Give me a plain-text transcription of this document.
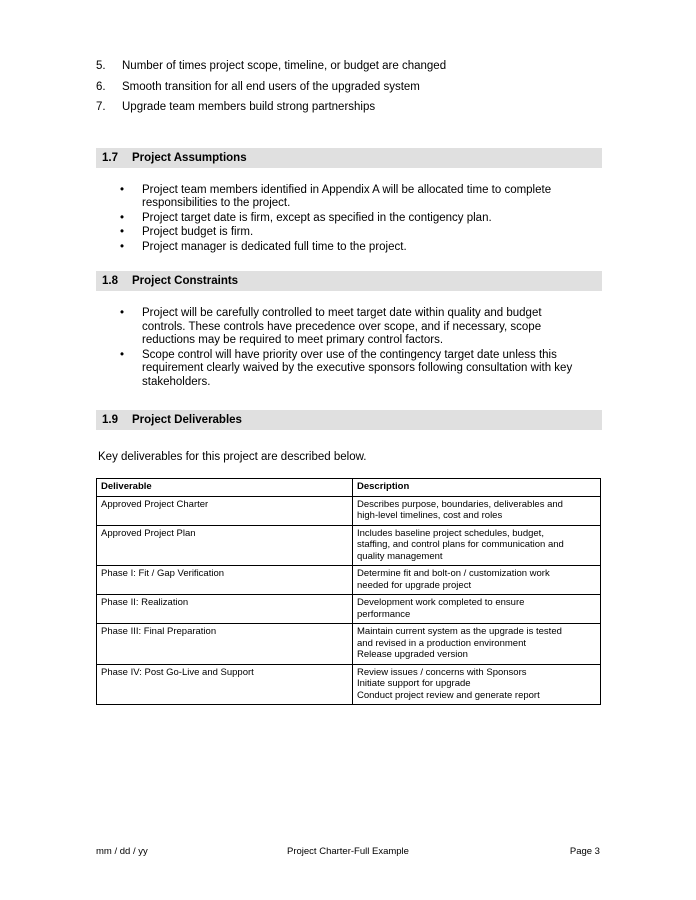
5.	Number of times project scope, timeline, or budget are changed
6.	Smooth transition for all end users of the upgraded system
7.	Upgrade team members build strong partnerships
1.7 Project Assumptions
•	Project team members identified in Appendix A will be allocated time to complete responsibilities to the project.
•	Project target date is firm, except as specified in the contigency plan.
•	Project budget is firm.
•	Project manager is dedicated full time to the project.
1.8 Project Constraints
•	Project will be carefully controlled to meet target date within quality and budget controls. These controls have precedence over scope, and if necessary, scope reductions may be required to meet primary control factors.
•	Scope control will have priority over use of the contingency target date unless this requirement clearly waived by the executive sponsors following consultation with key stakeholders.
1.9 Project Deliverables
Key deliverables for this project are described below.
Deliverable	Description
Approved Project Charter	Describes purpose, boundaries, deliverables and
high-level timelines, cost and roles

Approved Project Plan	Includes baseline project schedules, budget,
staffing, and control plans for communication and
quality management

Phase I: Fit / Gap Verification	Determine fit and bolt-on / customization work
needed for upgrade project

Phase II: Realization	Development work completed to ensure
performance

Phase III: Final Preparation	Maintain current system as the upgrade is tested
and revised in a production environment
Release upgraded version

Phase IV: Post Go-Live and Support	Review issues / concerns with Sponsors
Initiate support for upgrade
Conduct project review and generate report
mm / dd / yy	Project Charter-Full Example	Page 3
